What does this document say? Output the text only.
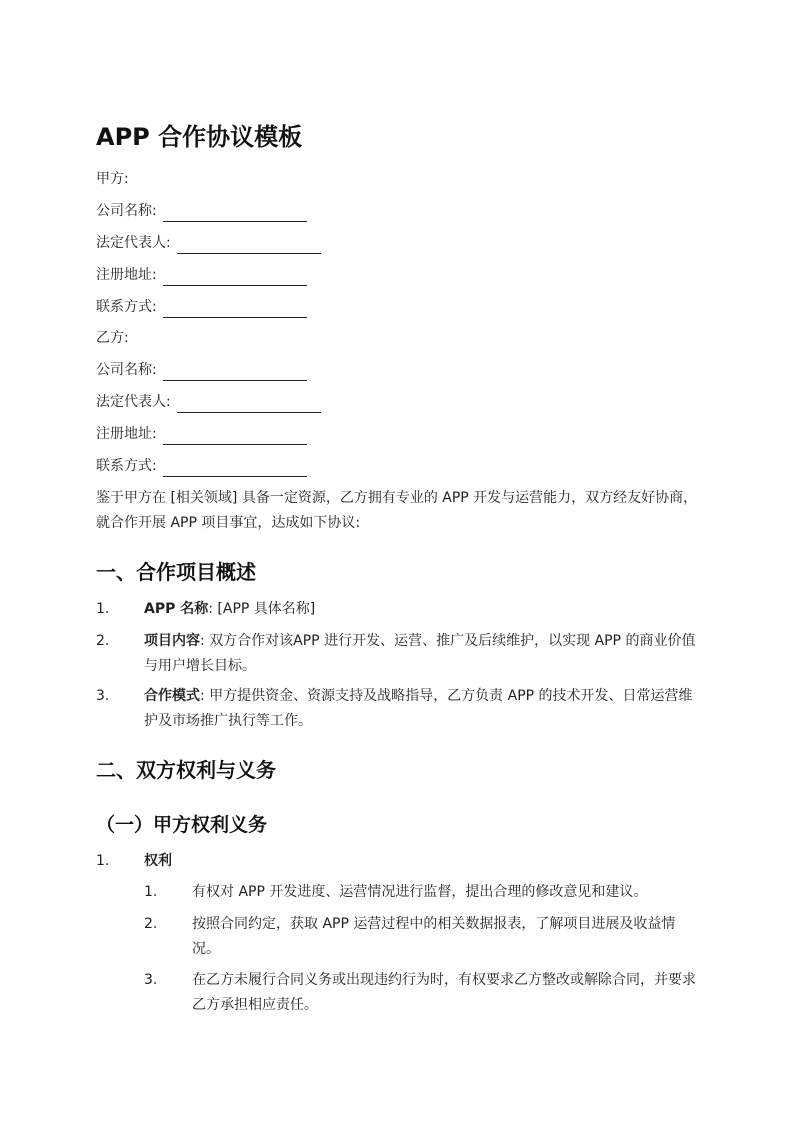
APP 合作协议模板
甲方:
公司名称:
法定代表人:
注册地址:
联系方式:
乙方:
公司名称:
法定代表人:
注册地址:
联系方式:

鉴于甲方在 [相关领域] 具备一定资源，乙方拥有专业的 APP 开发与运营能力，双方经友好协商，就合作开展 APP 项目事宜，达成如下协议:

一、合作项目概述
1. APP 名称: [APP 具体名称]
2. 项目内容: 双方合作对该APP 进行开发、运营、推广及后续维护，以实现 APP 的商业价值与用户增长目标。
3. 合作模式: 甲方提供资金、资源支持及战略指导，乙方负责 APP 的技术开发、日常运营维护及市场推广执行等工作。
二、双方权利与义务
（一）甲方权利义务
1. 权利
1. 有权对 APP 开发进度、运营情况进行监督，提出合理的修改意见和建议。
2. 按照合同约定，获取 APP 运营过程中的相关数据报表，了解项目进展及收益情况。
3. 在乙方未履行合同义务或出现违约行为时，有权要求乙方整改或解除合同，并要求乙方承担相应责任。
